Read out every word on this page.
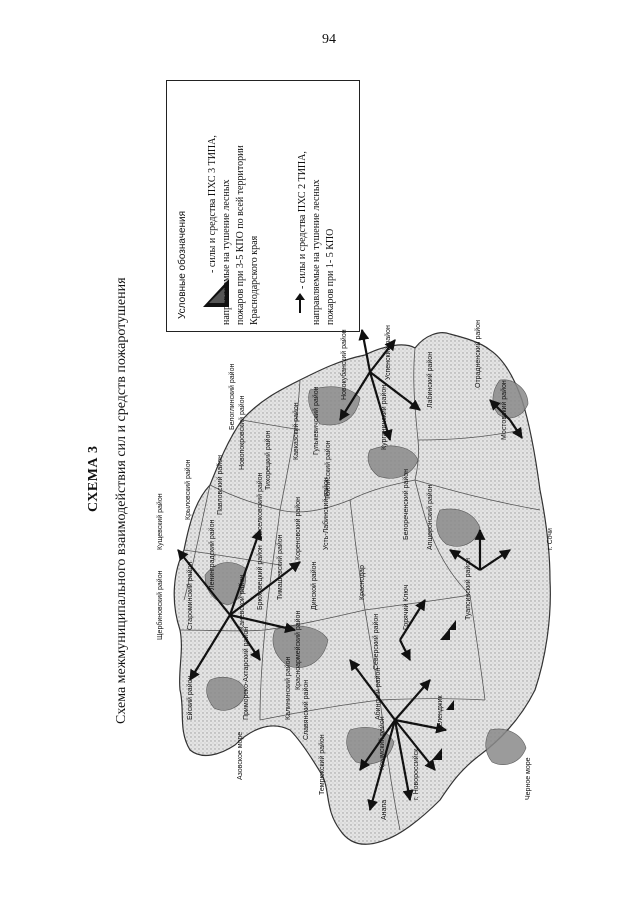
94
СХЕМА 3 Схема межмуниципального взаимодействия сил и средств пожаротушения
Условные обозначения - силы и средства ПХС 3 ТИПА, направляемые на тушение лесных пожаров при 3-5 КПО по всей территории Краснодарского края	- силы и средства ПХС 2 ТИПА, направляемые на тушение лесных пожаров при 1- 5 КПО
Азовское море	Черное море
Щербиновский район
Кущевский район
Ейский район
Староминский район
Ленинградский район
Крыловский район	Павловский район
Белоглинский район Новопокровский район
Приморско-Ахтарский район
Каневской район Брюховецкий район Тимашевский район
Выселковский район
Тихорецкий район	Кавказский район Гулькевичский район
Новокубанский район	Успенский район	Отрадненский район
Лабинский район
Мостовский район
Курганинский район
Темрюкский район
Славянский район
Красноармейский район
Калининский район
Динской район
Кореновский район	Усть-Лабинский район
Тбилисский район
Крымский район
Абинский район
Северский район
Горячий Ключ
Апшеронский район
Белореченский район
Туапсинский район
г. Сочи
г. Новороссийск
Анапа
Геленджик
Краснодар
